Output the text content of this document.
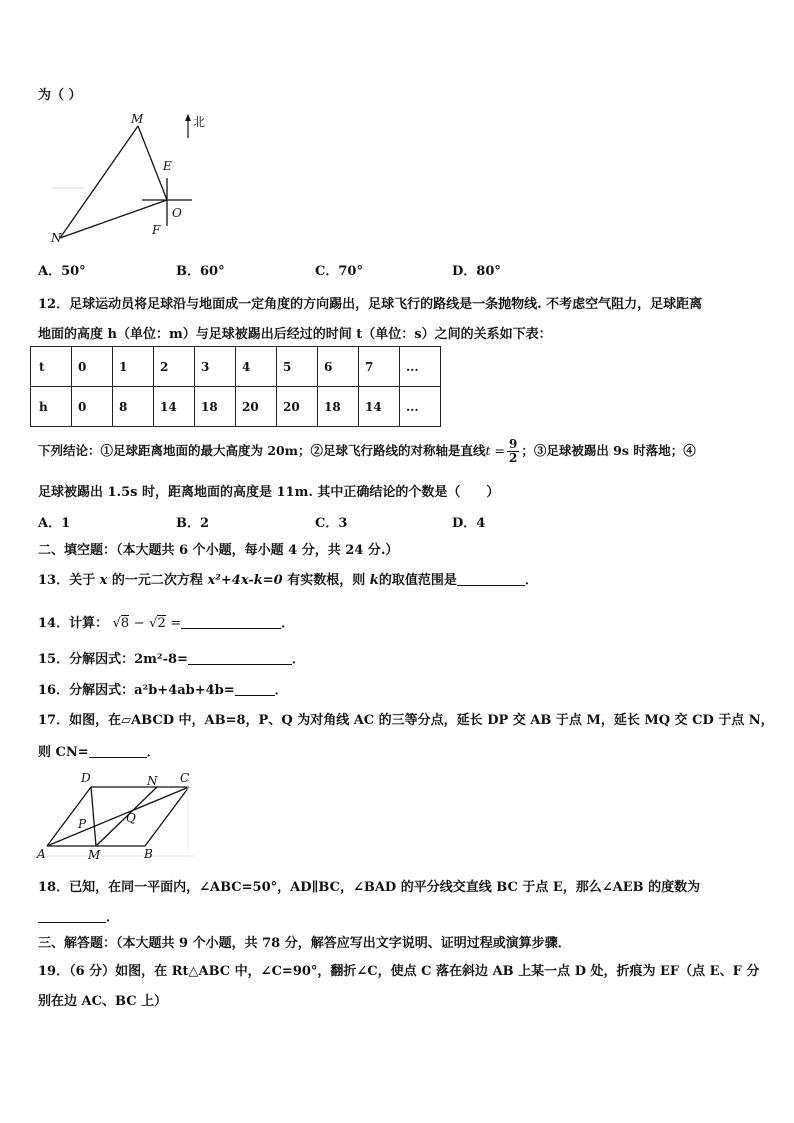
为（ ）
M
N
E
O
F
北
A．50°	B．60°	C．70°	D．80°
12．足球运动员将足球沿与地面成一定角度的方向踢出，足球飞行的路线是一条抛物线. 不考虑空气阻力，足球距离
地面的高度 h（单位：m）与足球被踢出后经过的时间 t（单位：s）之间的关系如下表：
t	0	1	2	3	4	5	6	7	...
h	0	8	14	18	20	20	18	14	...
下列结论：①足球距离地面的最大高度为 20m；②足球飞行路线的对称轴是直线$t = \frac{9}{2}$ ；③足球被踢出 9s 时落地；④
足球被踢出 1.5s 时，距离地面的高度是 11m. 其中正确结论的个数是（　　）
A．1	B．2	C．3	D．4
二、填空题：（本大题共 6 个小题，每小题 4 分，共 24 分.）
13．关于 x 的一元二次方程 x²+4x-k=0 有实数根，则 k的取值范围是	．
14．计算： √8 − √2 =	．
15．分解因式：2m²-8=	．
16．分解因式：a²b+4ab+4b=	．
17．如图，在▱ABCD 中，AB=8，P、Q 为对角线 AC 的三等分点，延长 DP 交 AB 于点 M，延长 MQ 交 CD 于点 N，
则 CN=	．
D	C
N
P	Q
A	M	B
18．已知，在同一平面内，∠ABC=50°，AD∥BC，∠BAD 的平分线交直线 BC 于点 E，那么∠AEB 的度数为
．
三、解答题：（本大题共 9 个小题，共 78 分，解答应写出文字说明、证明过程或演算步骤．
19．（6 分）如图，在 Rt△ABC 中，∠C=90°，翻折∠C，使点 C 落在斜边 AB 上某一点 D 处，折痕为 EF（点 E、F 分
别在边 AC、BC 上）
